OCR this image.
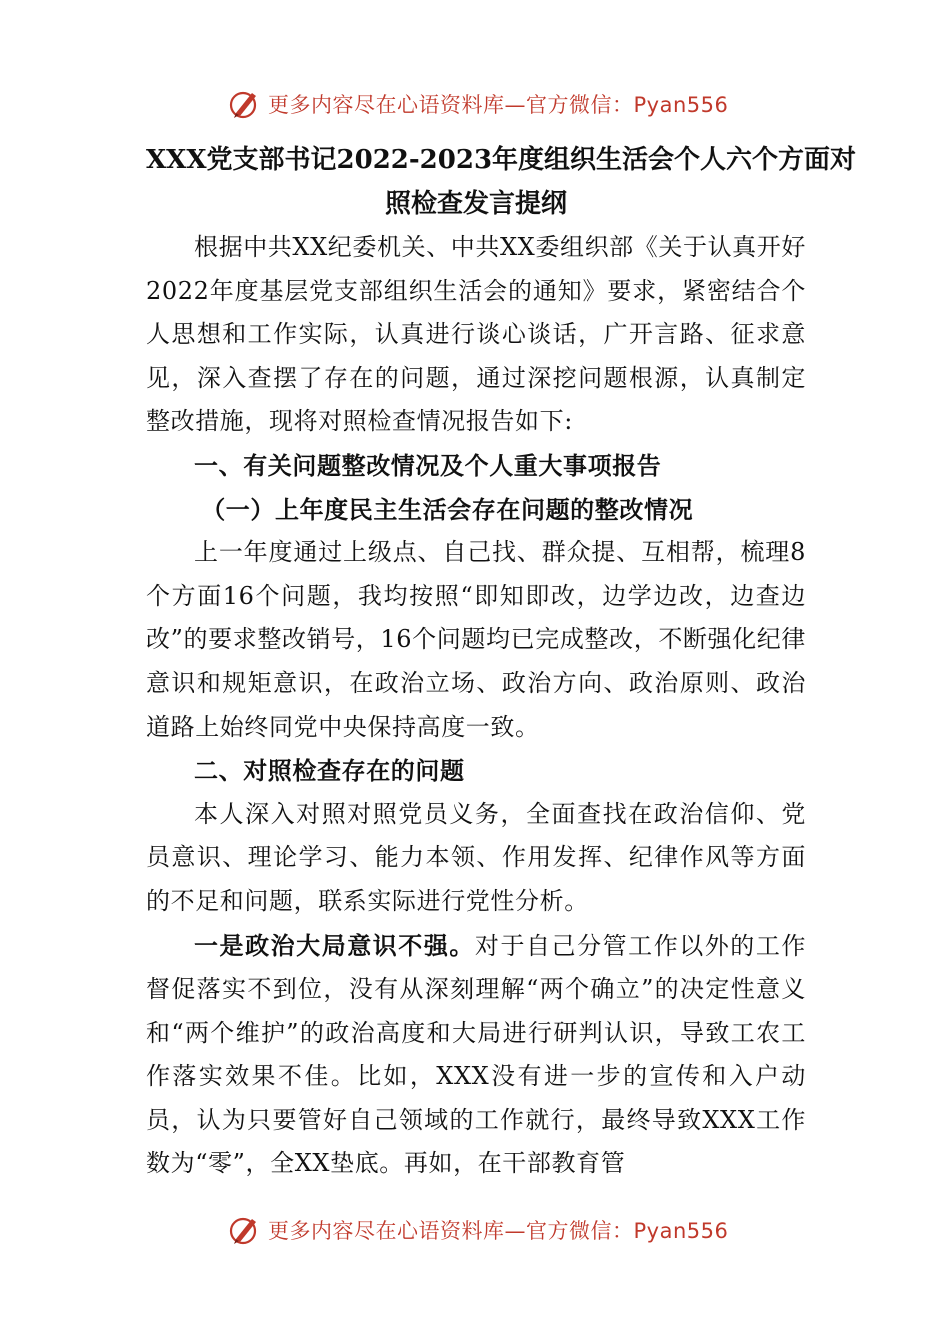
更多内容尽在心语资料库—官方微信：Pyan556
XXX党支部书记2022-2023年度组织生活会个人六个方面对
照检查发言提纲

根据中共XX纪委机关、中共XX委组织部《关于认真开好2022年度基层党支部组织生活会的通知》要求，紧密结合个人思想和工作实际，认真进行谈心谈话，广开言路、征求意见，深入查摆了存在的问题，通过深挖问题根源，认真制定整改措施，现将对照检查情况报告如下:

一、有关问题整改情况及个人重大事项报告
（一）上年度民主生活会存在问题的整改情况

上一年度通过上级点、自己找、群众提、互相帮，梳理8个方面16个问题，我均按照“即知即改，边学边改，边查边改”的要求整改销号，16个问题均已完成整改，不断强化纪律意识和规矩意识，在政治立场、政治方向、政治原则、政治道路上始终同党中央保持高度一致。

二、对照检查存在的问题

本人深入对照对照党员义务，全面查找在政治信仰、党员意识、理论学习、能力本领、作用发挥、纪律作风等方面的不足和问题，联系实际进行党性分析。

一是政治大局意识不强。对于自己分管工作以外的工作督促落实不到位，没有从深刻理解“两个确立”的决定性意义和“两个维护”的政治高度和大局进行研判认识，导致工农工作落实效果不佳。比如，XXX没有进一步的宣传和入户动员，认为只要管好自己领域的工作就行，最终导致XXX工作数为“零”，全XX垫底。再如，在干部教育管

更多内容尽在心语资料库—官方微信：Pyan556
